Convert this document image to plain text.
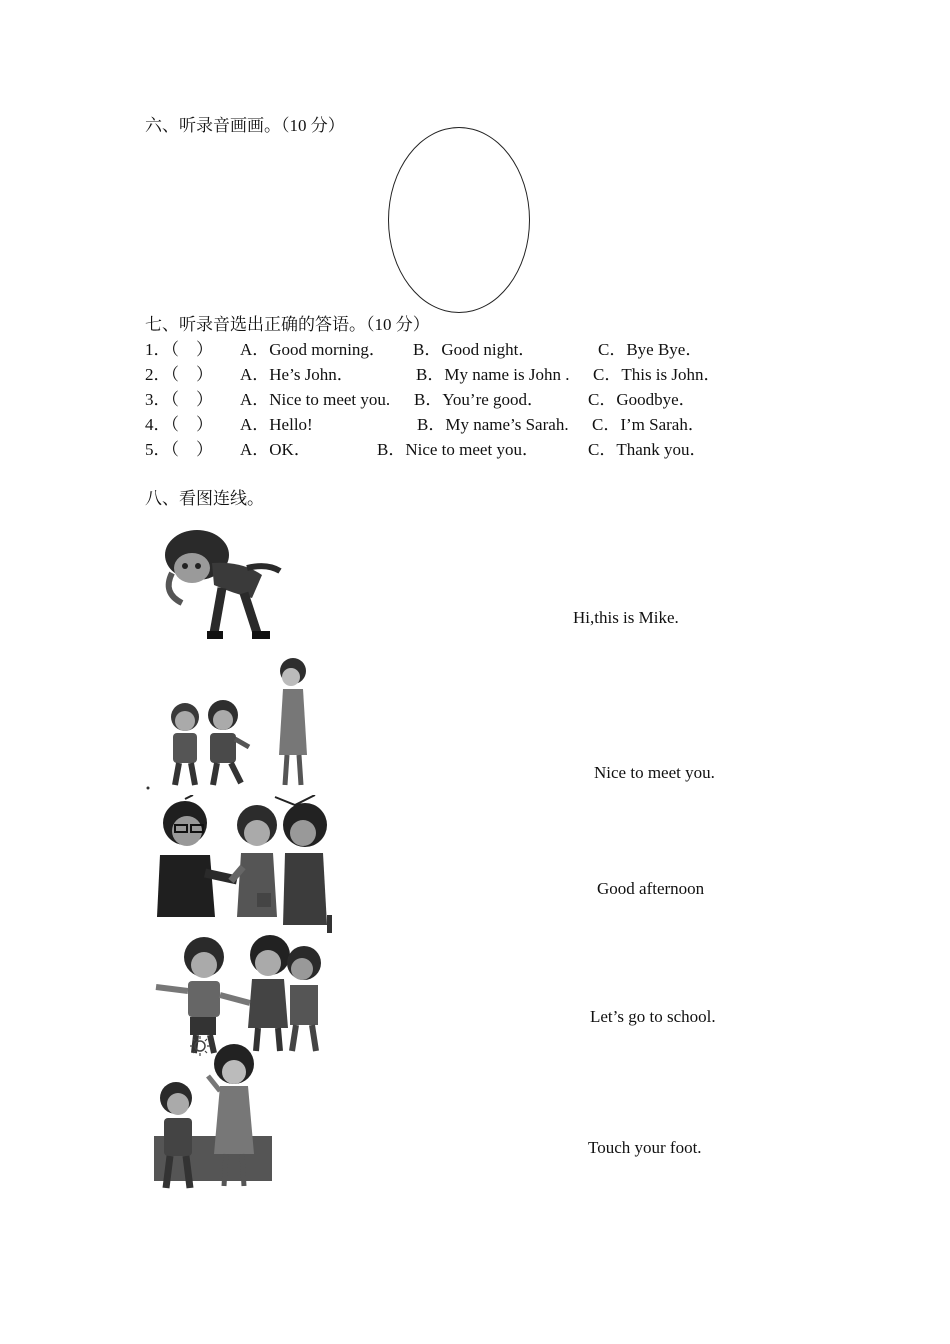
六、听录音画画。（10 分）
七、听录音选出正确的答语。（10 分）
1．（　） A．Good morning． B．Good night．	C．Bye Bye．
2．（　） A．He’s John．	B．My name is John . C．This is John．
3．（　） A．Nice to meet you. B．You’re good．	C．Goodbye．
4．（　） A．Hello!	B．My name’s Sarah. C．I’m Sarah．
5．（　） A．OK．	B．Nice to meet you．	C．Thank you．
八、看图连线。
Hi,this is Mike.
Nice to meet you.
Good afternoon
Let’s go to school.
Touch your foot.
